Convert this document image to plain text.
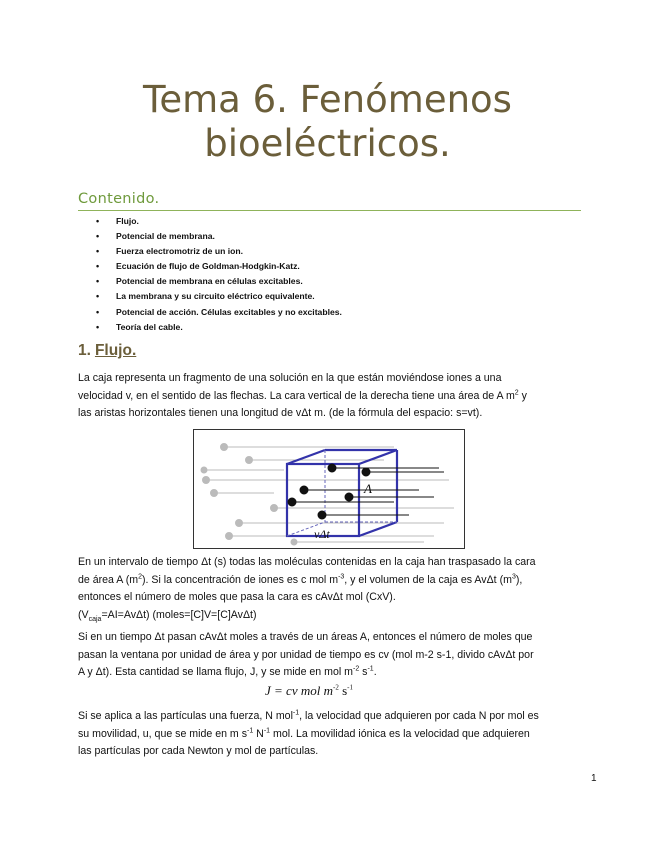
Tema 6. Fenómenos
bioeléctricos.
Contenido.
• Flujo.
• Potencial de membrana.
• Fuerza electromotriz de un ion.
• Ecuación de flujo de Goldman-Hodgkin-Katz.
• Potencial de membrana en células excitables.
• La membrana y su circuito eléctrico equivalente.
• Potencial de acción. Células excitables y no excitables.
• Teoría del cable.
1. Flujo.
La caja representa un fragmento de una solución en la que están moviéndose iones a una
velocidad v, en el sentido de las flechas. La cara vertical de la derecha tiene una área de A $m^2$ y
las aristas horizontales tienen una longitud de vΔt m. (de la fórmula del espacio: s=vt).
A
vΔt
En un intervalo de tiempo Δt (s) todas las moléculas contenidas en la caja han traspasado la cara
de área A $(m^2)$. Si la concentración de iones es c mol $m^{-3}$, y el volumen de la caja es AvΔt $(m^3)$,
entonces el número de moles que pasa la cara es cAvΔt mol (CxV).
$(V_{caja}=AI=Av\Delta t)$ (moles=[C]V=[C]AvΔt)
Si en un tiempo Δt pasan cAvΔt moles a través de un áreas A, entonces el número de moles que
pasan la ventana por unidad de área y por unidad de tiempo es cv (mol m-2 s-1, divido cAvΔt por
A y Δt). Esta cantidad se llama flujo, J, y se mide en mol $m^{-2}$ $s^{-1}$.
J = cv mol $m^{-2}$ $s^{-1}$
Si se aplica a las partículas una fuerza, N mol$^{-1}$, la velocidad que adquieren por cada N por mol es
su movilidad, u, que se mide en m $s^{-1}$ $N^{-1}$ mol. La movilidad iónica es la velocidad que adquieren
las partículas por cada Newton y mol de partículas.
1
